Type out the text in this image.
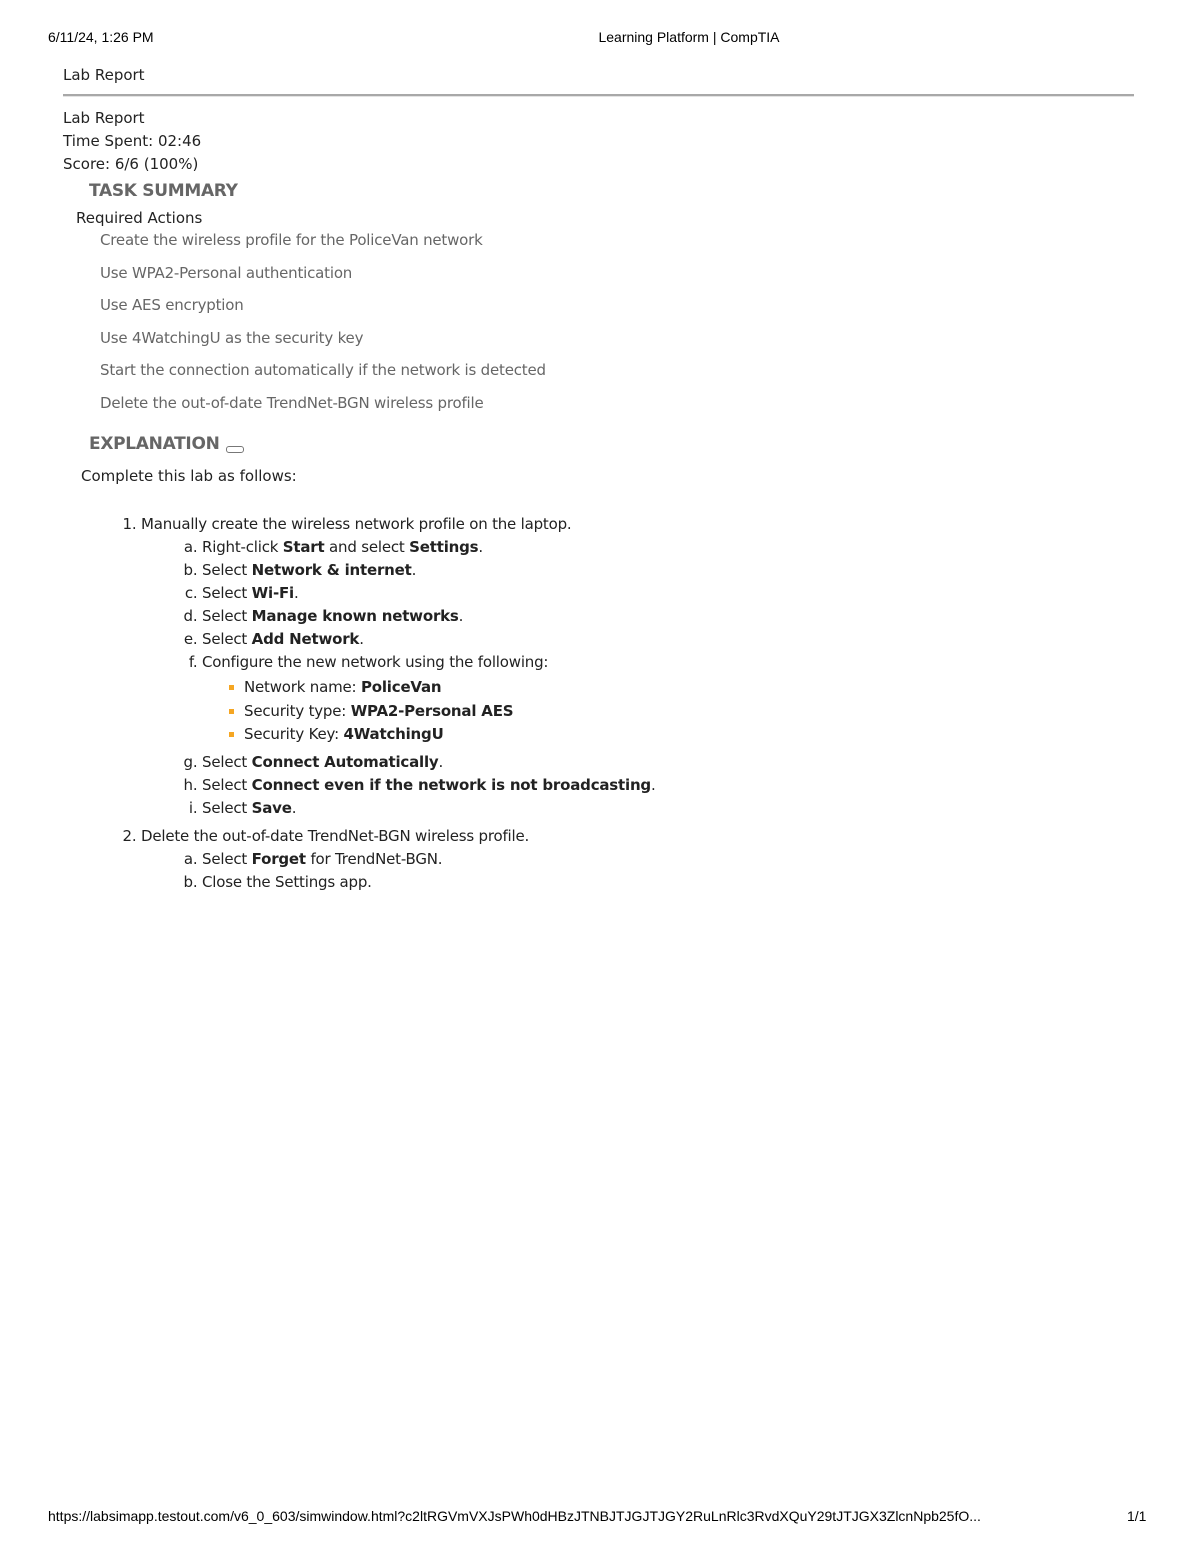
6/11/24, 1:26 PM	Learning Platform | CompTIA
Lab Report
Lab Report
Time Spent: 02:46
Score: 6/6 (100%)
TASK SUMMARY
Required Actions
Create the wireless profile for the PoliceVan network
Use WPA2-Personal authentication
Use AES encryption
Use 4WatchingU as the security key
Start the connection automatically if the network is detected
Delete the out-of-date TrendNet-BGN wireless profile
EXPLANATION
Complete this lab as follows:
1. Manually create the wireless network profile on the laptop.
a. Right-click Start and select Settings.
b. Select Network & internet.
c. Select Wi-Fi.
d. Select Manage known networks.
e. Select Add Network.
f. Configure the new network using the following:
Network name: PoliceVan
Security type: WPA2-Personal AES
Security Key: 4WatchingU
g. Select Connect Automatically.
h. Select Connect even if the network is not broadcasting.
i. Select Save.
2. Delete the out-of-date TrendNet-BGN wireless profile.
a. Select Forget for TrendNet-BGN.
b. Close the Settings app.
https://labsimapp.testout.com/v6_0_603/simwindow.html?c2ltRGVmVXJsPWh0dHBzJTNBJTJGJTJGY2RuLnRlc3RvdXQuY29tJTJGX3ZlcnNpb25fO...	1/1
